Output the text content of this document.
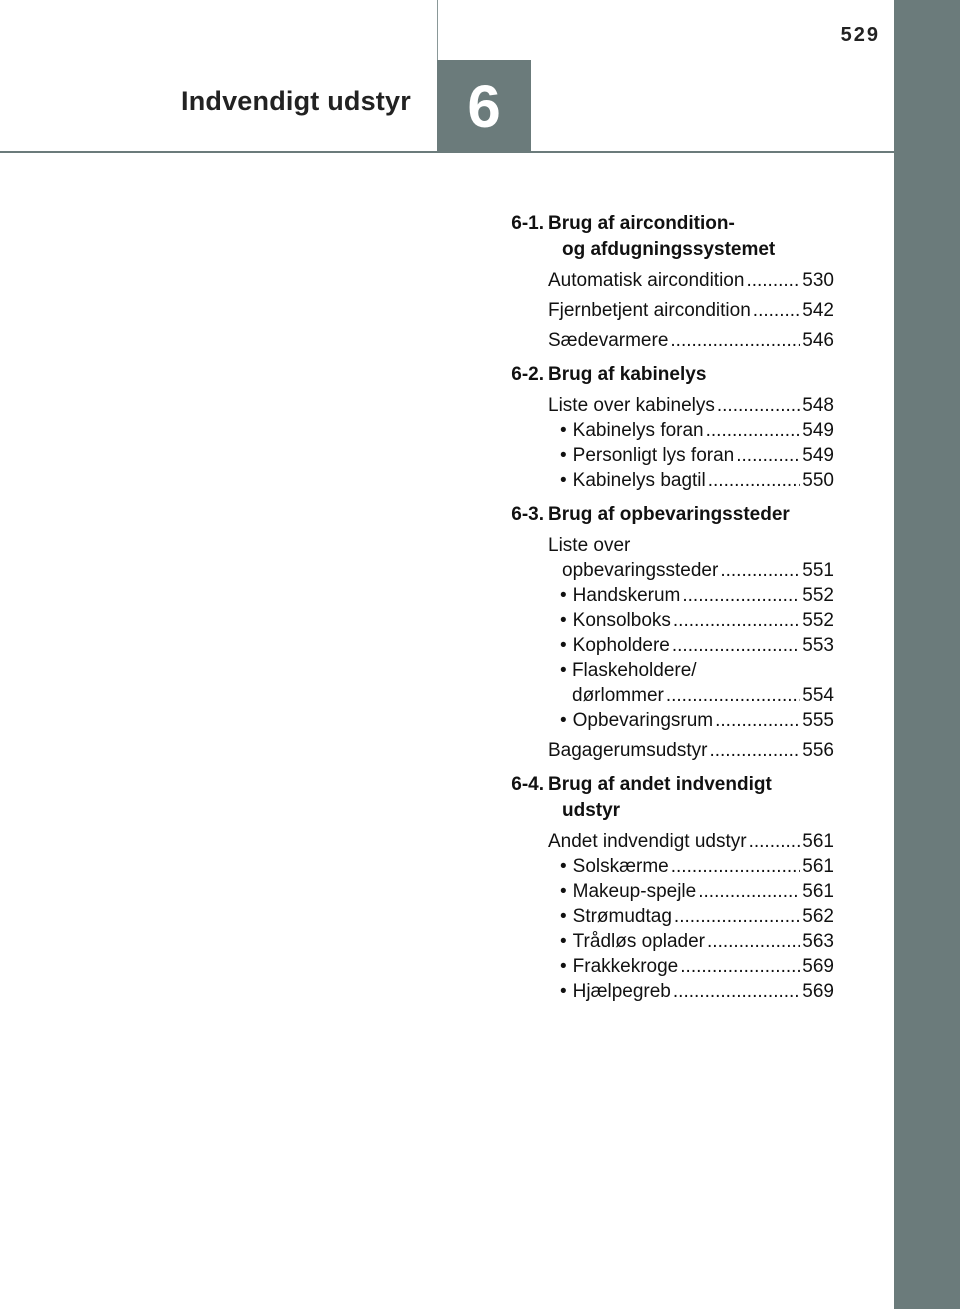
6
Indvendigt udstyr
529
6-1. Brug af aircondition-
og afdugningssystemet
Automatisk aircondition .....	530
Fjernbetjent aircondition .....	542
Sædevarmere .....	546
6-2. Brug af kabinelys
Liste over kabinelys .....	548
• Kabinelys foran .....	549
• Personligt lys foran .....	549
• Kabinelys bagtil .....	550
6-3. Brug af opbevaringssteder
Liste over
opbevaringssteder .....	551
• Handskerum .....	552
• Konsolboks .....	552
• Kopholdere .....	553
• Flaskeholdere/
dørlommer .....	554
• Opbevaringsrum .....	555
Bagagerumsudstyr .....	556
6-4. Brug af andet indvendigt
udstyr
Andet indvendigt udstyr .....	561
• Solskærme .....	561
• Makeup-spejle .....	561
• Strømudtag .....	562
• Trådløs oplader .....	563
• Frakkekroge .....	569
• Hjælpegreb .....	569
